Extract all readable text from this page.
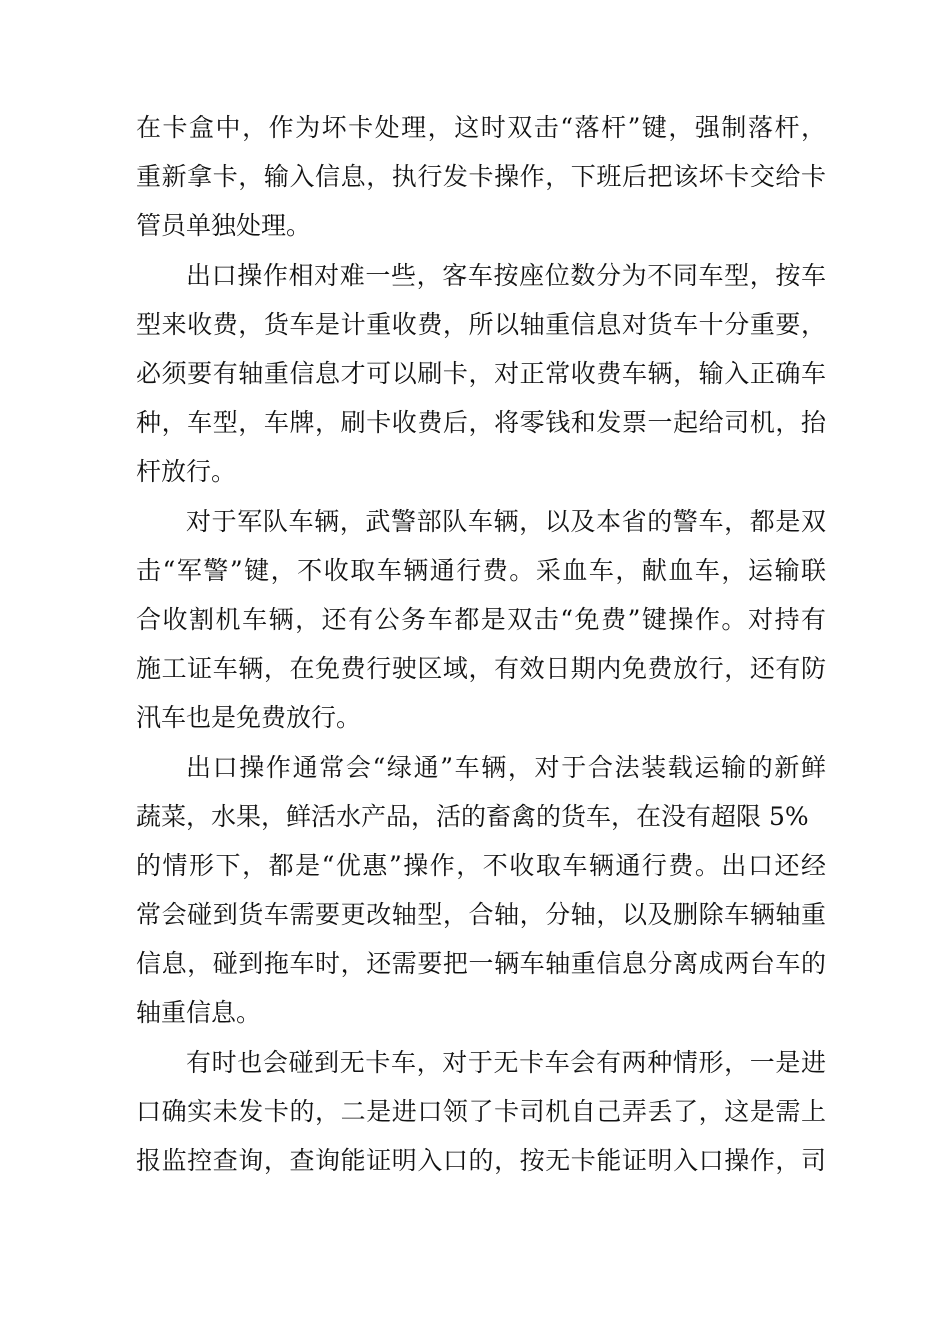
在卡盒中，作为坏卡处理，这时双击“落杆”键，强制落杆，
重新拿卡，输入信息，执行发卡操作，下班后把该坏卡交给卡
管员单独处理。
出口操作相对难一些，客车按座位数分为不同车型，按车
型来收费，货车是计重收费，所以轴重信息对货车十分重要，
必须要有轴重信息才可以刷卡，对正常收费车辆，输入正确车
种，车型，车牌，刷卡收费后，将零钱和发票一起给司机，抬
杆放行。
对于军队车辆，武警部队车辆，以及本省的警车，都是双
击“军警”键，不收取车辆通行费。采血车，献血车，运输联
合收割机车辆，还有公务车都是双击“免费”键操作。对持有
施工证车辆，在免费行驶区域，有效日期内免费放行，还有防
汛车也是免费放行。
出口操作通常会“绿通”车辆，对于合法装载运输的新鲜
蔬菜，水果，鲜活水产品，活的畜禽的货车，在没有超限 5%
的情形下，都是“优惠”操作，不收取车辆通行费。出口还经
常会碰到货车需要更改轴型，合轴，分轴，以及删除车辆轴重
信息，碰到拖车时，还需要把一辆车轴重信息分离成两台车的
轴重信息。
有时也会碰到无卡车，对于无卡车会有两种情形，一是进
口确实未发卡的，二是进口领了卡司机自己弄丢了，这是需上
报监控查询，查询能证明入口的，按无卡能证明入口操作，司
